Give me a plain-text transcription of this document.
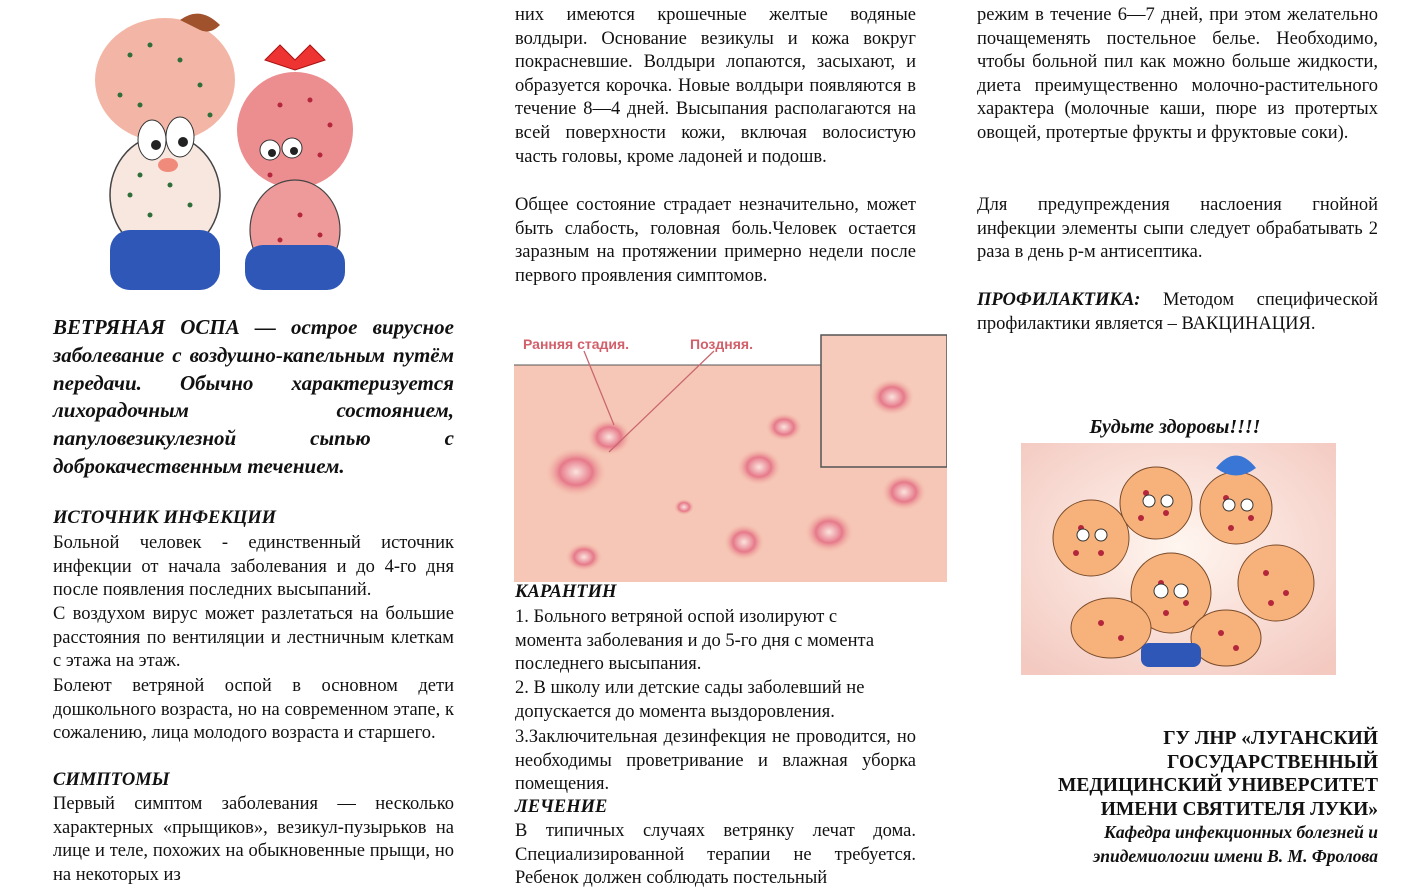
ВЕТРЯНАЯ ОСПА — острое вирусное заболевание с воздушно-капельным путём передачи. Обычно характеризуется лихорадочным состоянием, папуловезикулезной сыпью с доброкачественным течением.

ИСТОЧНИК ИНФЕКЦИИ

Больной человек - единственный источник инфекции от начала заболевания и до 4-го дня после появления последних высыпаний.

С воздухом вирус может разлетаться на большие расстояния по вентиляции и лестничным клеткам с этажа на этаж.

Болеют ветряной оспой в основном дети дошкольного возраста, но на современном этапе, к сожалению, лица молодого возраста и старшего.

СИМПТОМЫ

Первый симптом заболевания — несколько характерных «прыщиков», везикул-пузырьков на лице и теле, похожих на обыкновенные прыщи, но на некоторых из

них имеются крошечные желтые водяные волдыри. Основание везикулы и кожа вокруг покрасневшие. Волдыри лопаются, засыхают, и образуется корочка. Новые волдыри появляются в течение 8—4 дней. Высыпания располагаются на всей поверхности кожи, включая волосистую часть головы, кроме ладоней и подошв.

Общее состояние страдает незначительно, может быть слабость, головная боль.Человек остается заразным на протяжении примерно недели после первого проявления симптомов.

Ранняя стадия.	Поздняя.

КАРАНТИН

1. Больного ветряной оспой изолируют с момента заболевания и до 5-го дня с момента последнего высыпания.

2. В школу или детские сады заболевший не допускается до момента выздоровления.

3.Заключительная дезинфекция не проводится, но необходимы проветривание и влажная уборка помещения.

ЛЕЧЕНИЕ

В типичных случаях ветрянку лечат дома. Специализированной терапии не требуется. Ребенок должен соблюдать постельный

режим в течение 6—7 дней, при этом желательно почащеменять постельное белье. Необходимо, чтобы больной пил как можно больше жидкости, диета преимущественно молочно-растительного характера (молочные каши, пюре из протертых овощей, протертые фрукты и фруктовые соки).

Для предупреждения наслоения гнойной инфекции элементы сыпи следует обрабатывать 2 раза в день р-м антисептика.

ПРОФИЛАКТИКА: Методом специфической профилактики является – ВАКЦИНАЦИЯ.

Будьте здоровы!!!!

ГУ ЛНР «ЛУГАНСКИЙ

ГОСУДАРСТВЕННЫЙ

МЕДИЦИНСКИЙ УНИВЕРСИТЕТ

ИМЕНИ СВЯТИТЕЛЯ ЛУКИ»

Кафедра инфекционных болезней и

эпидемиологии имени В. М. Фролова
